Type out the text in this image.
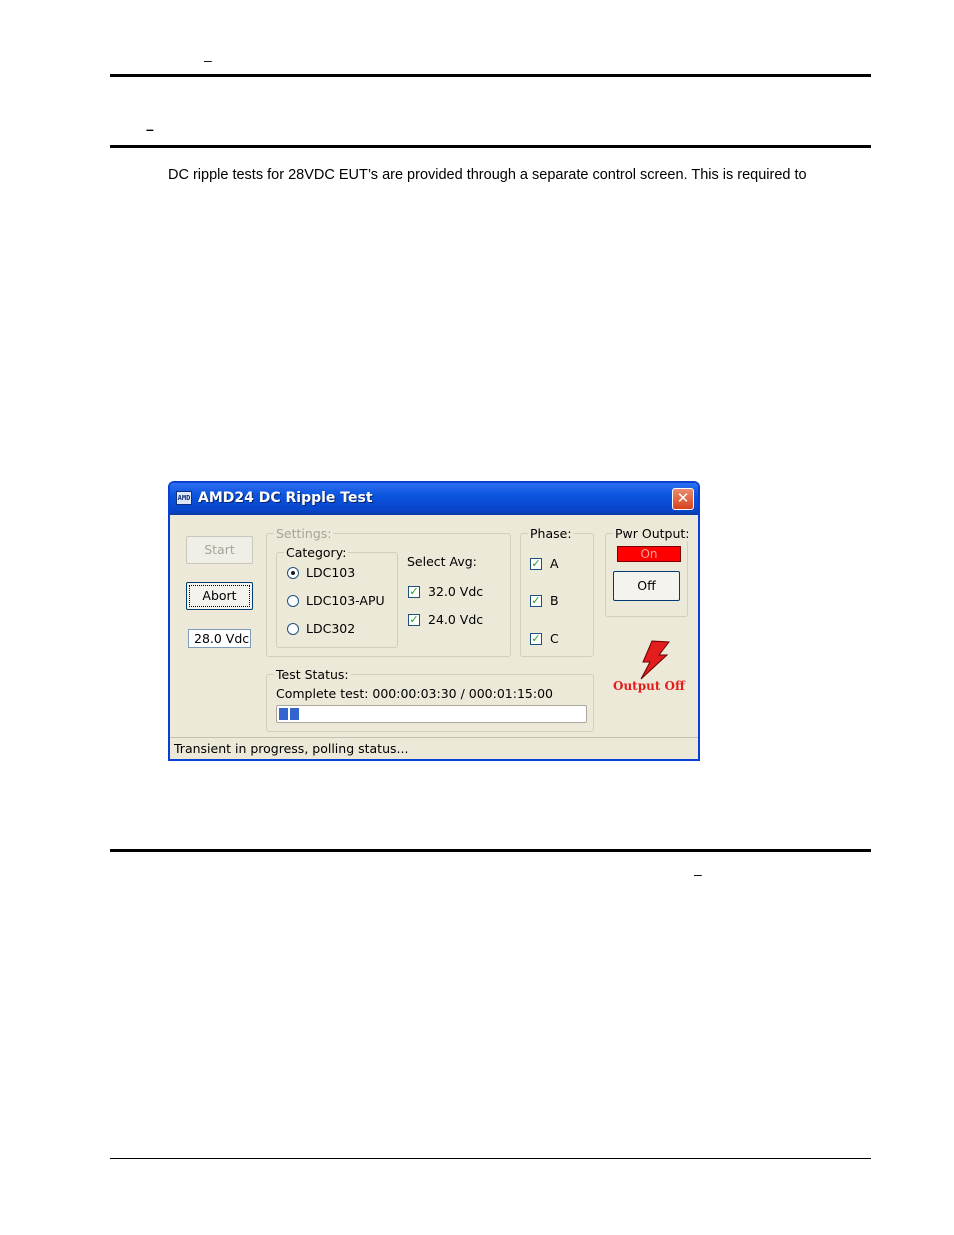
–
–
DC ripple tests for 28VDC EUT’s are provided through a separate control screen. This is required to
AMD AMD24 DC Ripple Test	✕
Start
Abort
28.0 Vdc
Settings:
Category:
LDC103
LDC103-APU
LDC302
Select Avg:
✓ 32.0 Vdc
✓ 24.0 Vdc
Phase:
✓ A
✓ B
✓ C
Pwr Output:
On
Off
Output Off
Test Status:
Complete test: 000:00:03:30 / 000:01:15:00
Transient in progress, polling status...
–
